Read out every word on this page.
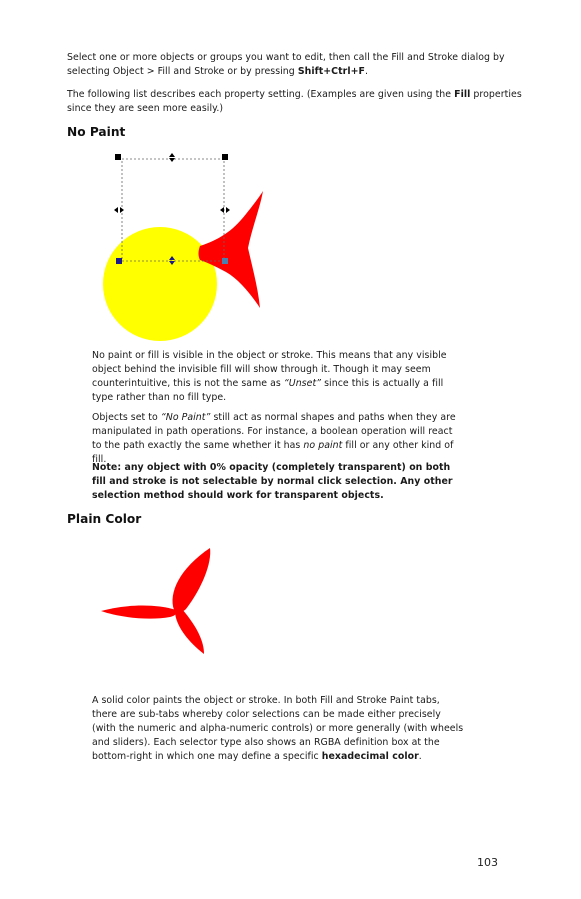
Select one or more objects or groups you want to edit, then call the Fill and Stroke dialog by selecting Object > Fill and Stroke or by pressing Shift+Ctrl+F.

The following list describes each property setting. (Examples are given using the Fill properties since they are seen more easily.)

No Paint

No paint or fill is visible in the object or stroke. This means that any visible object behind the invisible fill will show through it. Though it may seem counterintuitive, this is not the same as “Unset” since this is actually a fill type rather than no fill type.

Objects set to “No Paint” still act as normal shapes and paths when they are manipulated in path operations. For instance, a boolean operation will react to the path exactly the same whether it has no paint fill or any other kind of fill.

Note: any object with 0% opacity (completely transparent) on both fill and stroke is not selectable by normal click selection. Any other selection method should work for transparent objects.

Plain Color

A solid color paints the object or stroke. In both Fill and Stroke Paint tabs, there are sub-tabs whereby color selections can be made either precisely (with the numeric and alpha-numeric controls) or more generally (with wheels and sliders). Each selector type also shows an RGBA definition box at the bottom-right in which one may define a specific hexadecimal color.

103
